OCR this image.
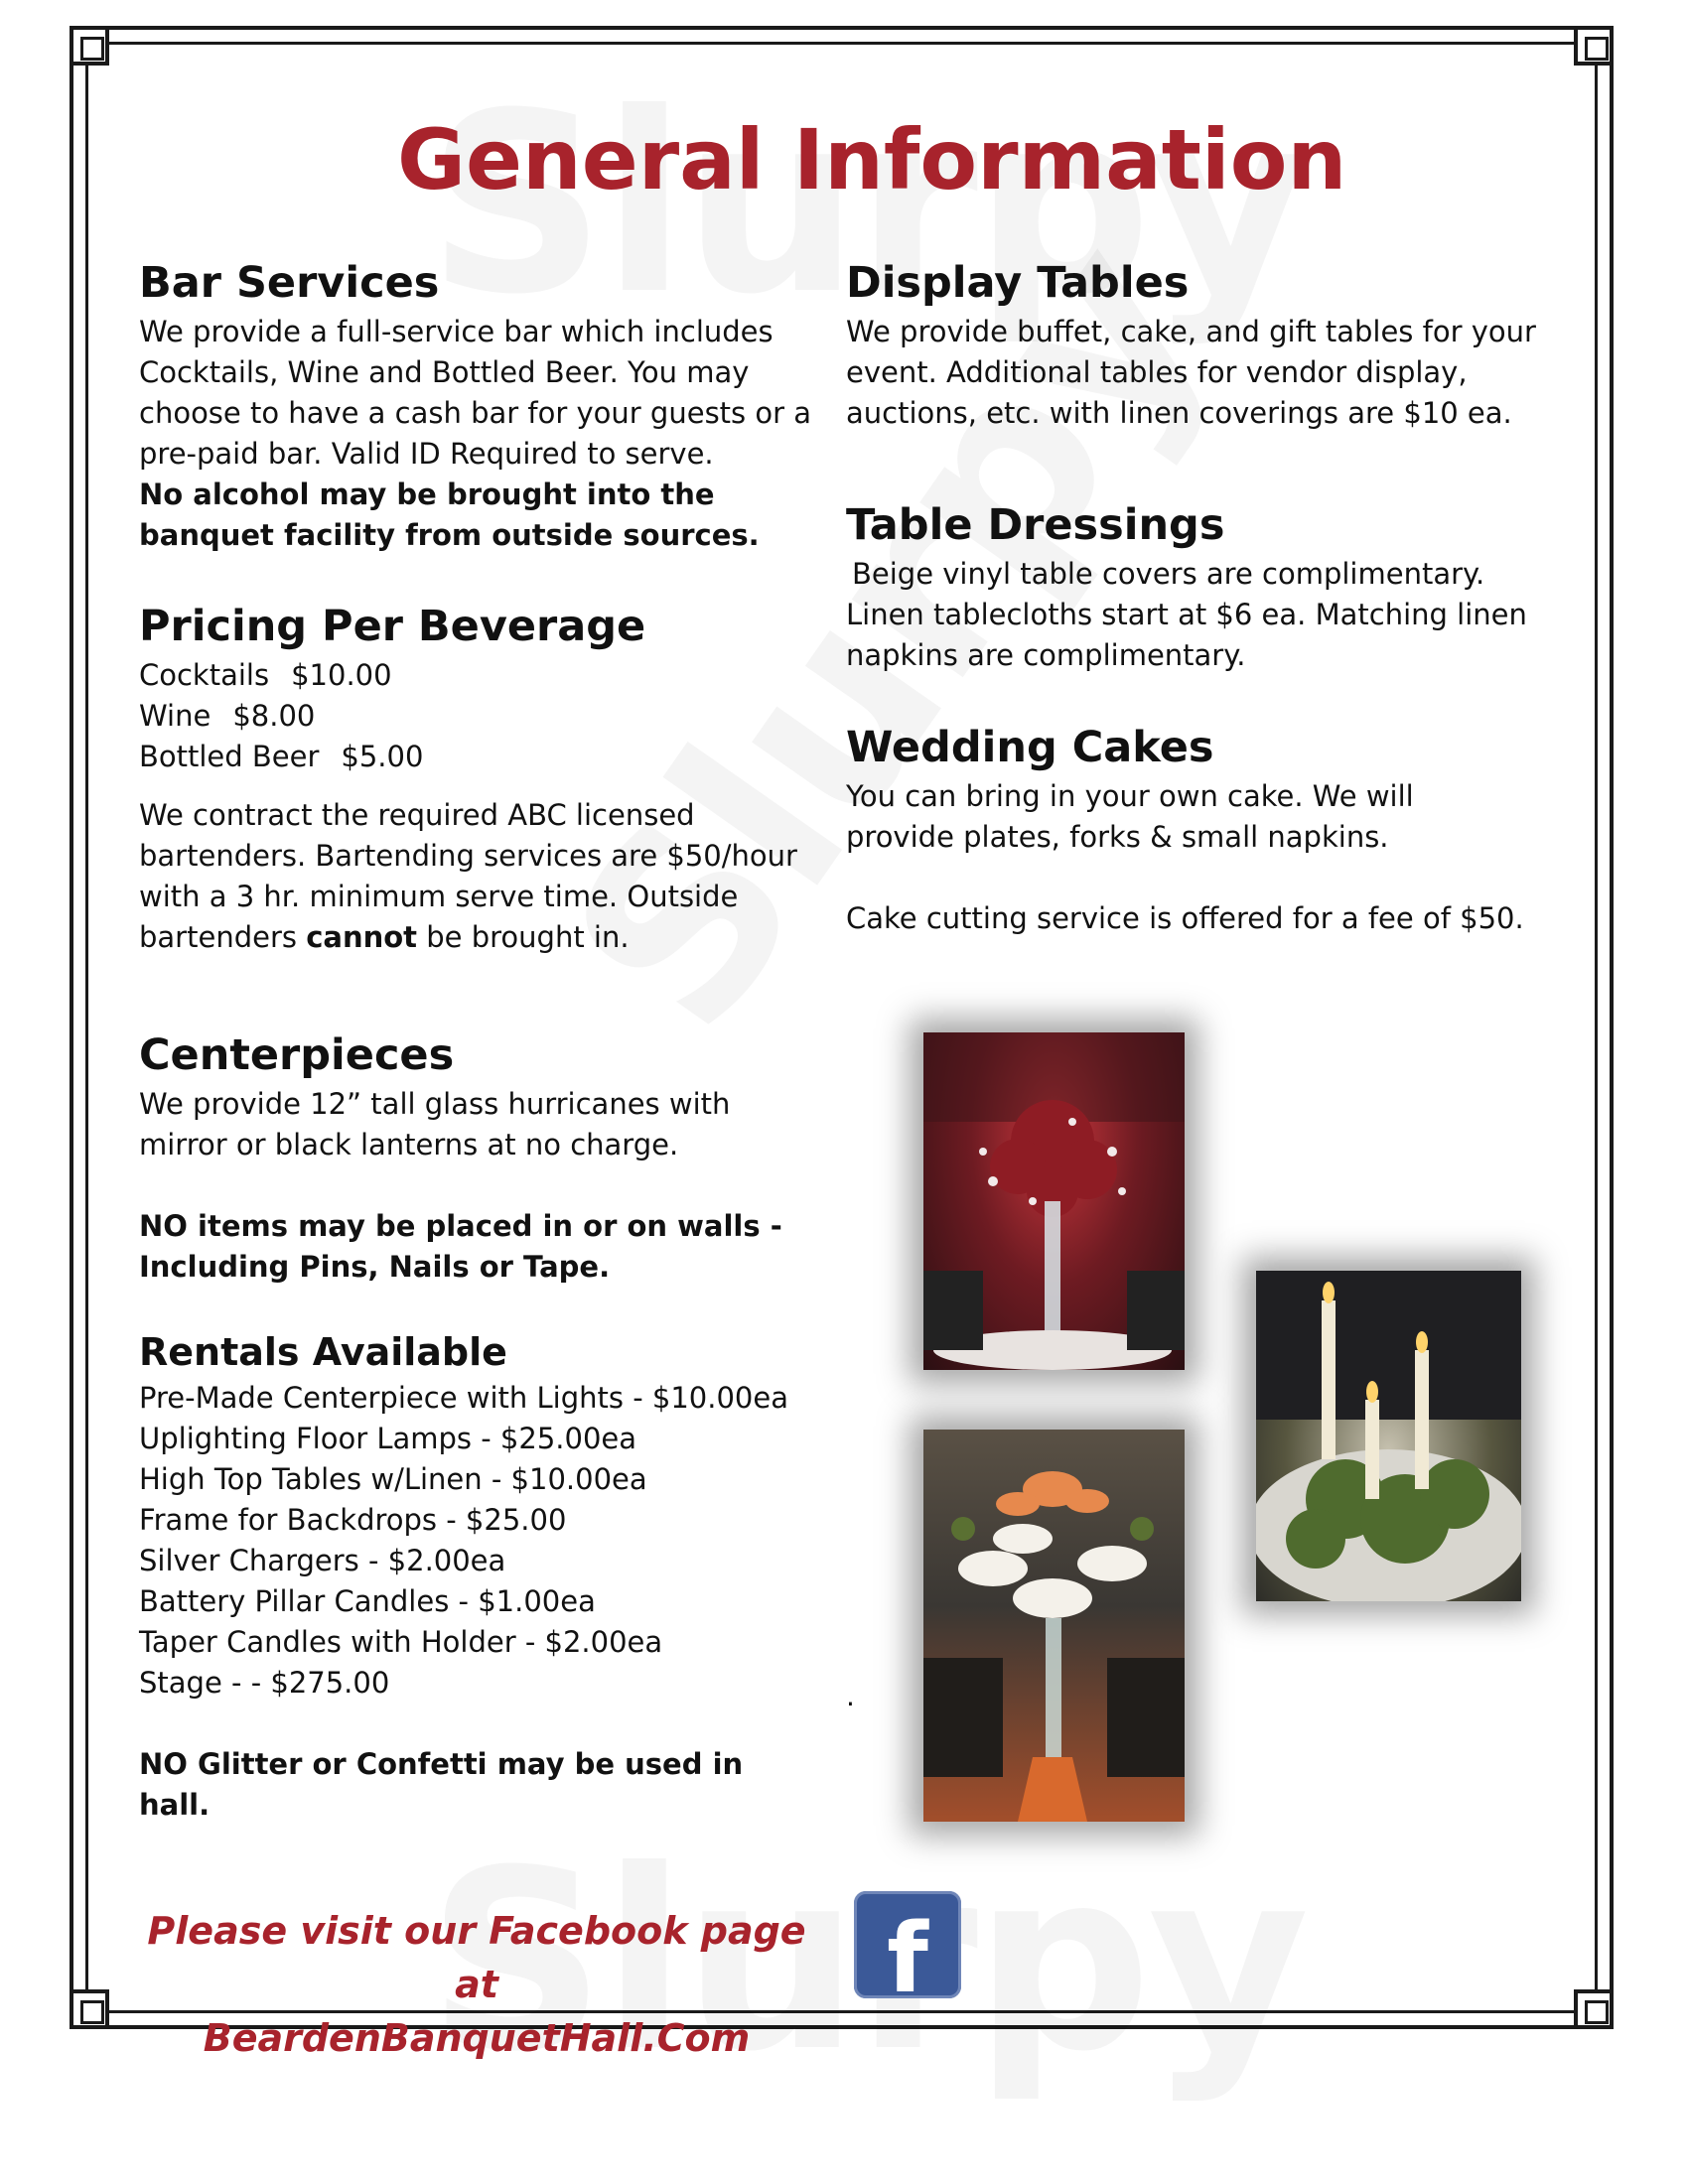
General Information
Bar Services

We provide a full-service bar which includes Cocktails, Wine and Bottled Beer. You may choose to have a cash bar for your guests or a pre-paid bar. Valid ID Required to serve.

No alcohol may be brought into the banquet facility from outside sources.

Pricing Per Beverage
Cocktails $10.00
Wine $8.00
Bottled Beer $5.00

We contract the required ABC licensed bartenders. Bartending services are $50/hour with a 3 hr. minimum serve time. Outside bartenders cannot be brought in.

Centerpieces

We provide 12” tall glass hurricanes with mirror or black lanterns at no charge.

NO items may be placed in or on walls - Including Pins, Nails or Tape.

Rentals Available
Pre-Made Centerpiece with Lights - $10.00ea
Uplighting Floor Lamps - $25.00ea
High Top Tables w/Linen - $10.00ea
Frame for Backdrops - $25.00
Silver Chargers - $2.00ea
Battery Pillar Candles - $1.00ea
Taper Candles with Holder - $2.00ea
Stage - - $275.00

NO Glitter or Confetti may be used in hall.

Display Tables

We provide buffet, cake, and gift tables for your event. Additional tables for vendor display, auctions, etc. with linen coverings are $10 ea.

Table Dressings

Beige vinyl table covers are complimentary. Linen tablecloths start at $6 ea. Matching linen napkins are complimentary.

Wedding Cakes

You can bring in your own cake. We will provide plates, forks & small napkins.

Cake cutting service is offered for a fee of $50.

.
Please visit our Facebook page at
BeardenBanquetHall.Com
f
